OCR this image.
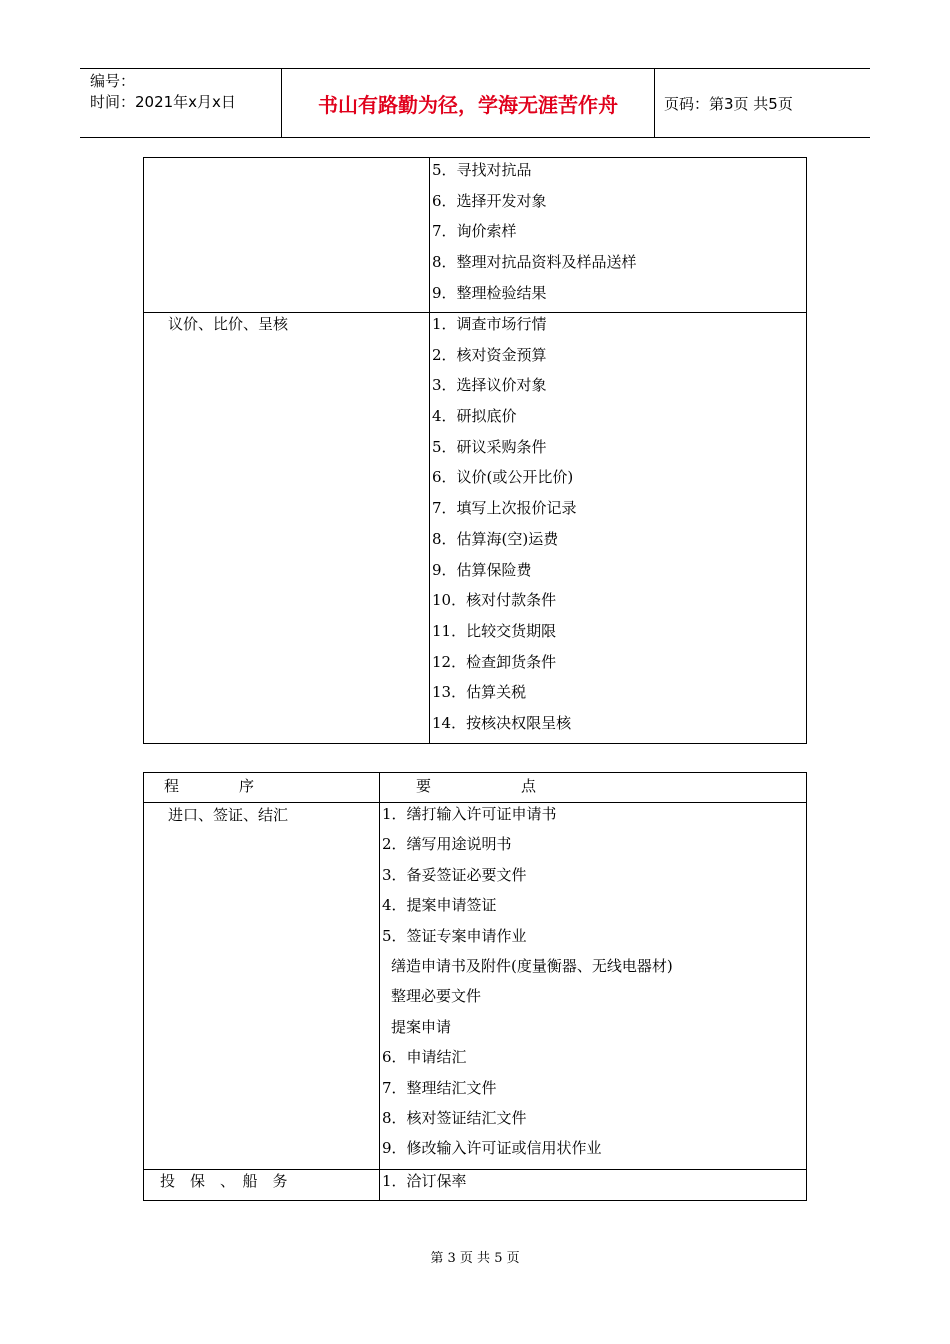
编号：
时间：2021年x月x日	书山有路勤为径，学海无涯苦作舟	页码：第3页 共5页
5．寻找对抗品
6．选择开发对象
7．询价索样
8．整理对抗品资料及样品送样
9．整理检验结果
议价、比价、呈核	1．调查市场行情
2．核对资金预算
3．选择议价对象
4．研拟底价
5．研议采购条件
6．议价(或公开比价)
7．填写上次报价记录
8．估算海(空)运费
9．估算保险费
10．核对付款条件
11．比较交货期限
12．检查卸货条件
13．估算关税
14．按核决权限呈核
程　　　　序	要　　　　　　点
进口、签证、结汇	1．缮打输入许可证申请书
2．缮写用途说明书
3．备妥签证必要文件
4．提案申请签证
5．签证专案申请作业
缮造申请书及附件(度量衡器、无线电器材)
整理必要文件
提案申请
6．申请结汇
7．整理结汇文件
8．核对签证结汇文件
9．修改输入许可证或信用状作业
投　保　、　船　务	1．洽订保率
第 3 页 共 5 页
